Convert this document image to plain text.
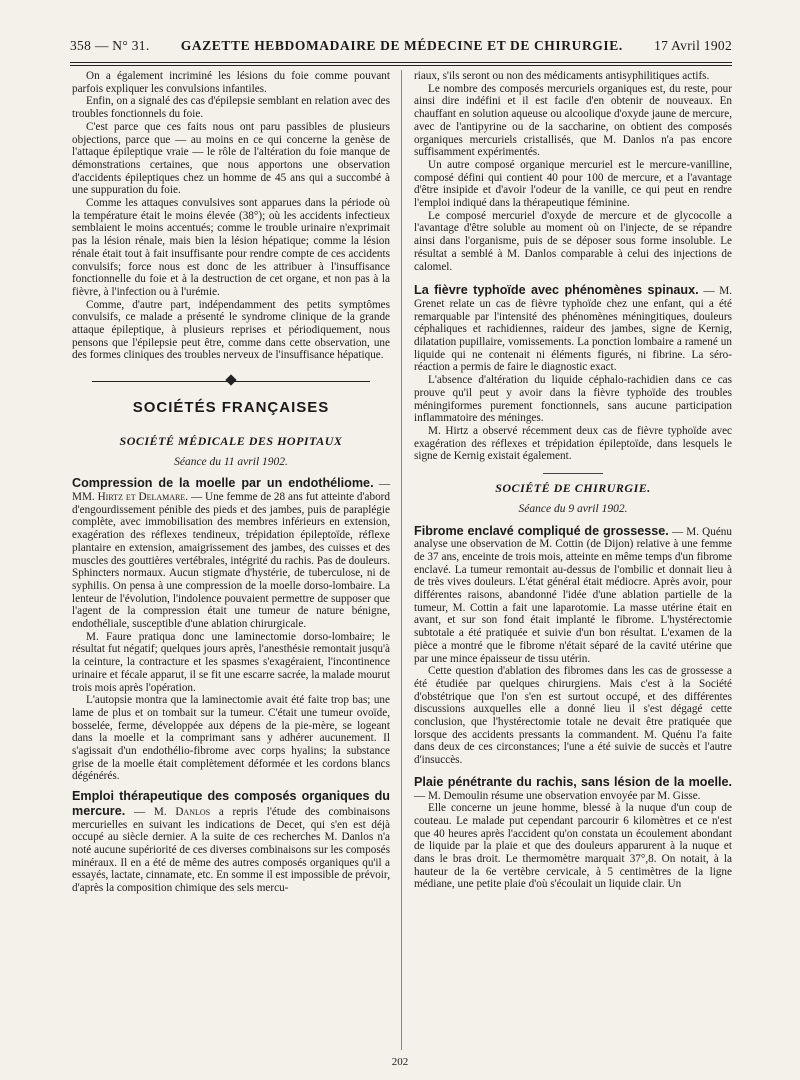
358 — N° 31. GAZETTE HEBDOMADAIRE DE MÉDECINE ET DE CHIRURGIE. 17 Avril 1902

On a également incriminé les lésions du foie comme pouvant parfois expliquer les convulsions infantiles.

Enfin, on a signalé des cas d'épilepsie semblant en relation avec des troubles fonctionnels du foie.

C'est parce que ces faits nous ont paru passibles de plusieurs objections, parce que — au moins en ce qui concerne la genèse de l'attaque épileptique vraie — le rôle de l'altération du foie manque de démonstrations certaines, que nous apportons une observation d'accidents épileptiques chez un homme de 45 ans qui a succombé à une suppuration du foie.

Comme les attaques convulsives sont apparues dans la période où la température était le moins élevée (38°); où les accidents infectieux semblaient le moins accentués; comme le trouble urinaire n'exprimait pas la lésion rénale, mais bien la lésion hépatique; comme la lésion rénale était tout à fait insuffisante pour rendre compte de ces accidents convulsifs; force nous est donc de les attribuer à l'insuffisance fonctionnelle du foie et à la destruction de cet organe, et non pas à la fièvre, à l'infection ou à l'urémie.

Comme, d'autre part, indépendamment des petits symptômes convulsifs, ce malade a présenté le syndrome clinique de la grande attaque épileptique, à plusieurs reprises et périodiquement, nous pensons que l'épilepsie peut être, comme dans cette observation, une des formes cliniques des troubles nerveux de l'insuffisance hépatique.

SOCIÉTÉS FRANÇAISES
SOCIÉTÉ MÉDICALE DES HOPITAUX
Séance du 11 avril 1902.

Compression de la moelle par un endothéliome. — MM. Hirtz et Delamare. — Une femme de 28 ans fut atteinte d'abord d'engourdissement pénible des pieds et des jambes, puis de paraplégie complète, avec immobilisation des membres inférieurs en extension, exagération des réflexes tendineux, trépidation épileptoïde, réflexe plantaire en extension, amaigrissement des jambes, des cuisses et des muscles des gouttières vertébrales, intégrité du rachis. Pas de douleurs. Sphincters normaux. Aucun stigmate d'hystérie, de tuberculose, ni de syphilis. On pensa à une compression de la moelle dorso-lombaire. La lenteur de l'évolution, l'indolence pouvaient permettre de supposer que l'agent de la compression était une tumeur de nature bénigne, endothéliale, susceptible d'une ablation chirurgicale.

M. Faure pratiqua donc une laminectomie dorso-lombaire; le résultat fut négatif; quelques jours après, l'anesthésie remontait jusqu'à la ceinture, la contracture et les spasmes s'exagéraient, l'incontinence urinaire et fécale apparut, il se fit une escarre sacrée, la malade mourut trois mois après l'opération.

L'autopsie montra que la laminectomie avait été faite trop bas; une lame de plus et on tombait sur la tumeur. C'était une tumeur ovoïde, bosselée, ferme, développée aux dépens de la pie-mère, se logeant dans la moelle et la comprimant sans y adhérer aucunement. Il s'agissait d'un endothélio-fibrome avec corps hyalins; la substance grise de la moelle était complètement déformée et les cordons blancs dégénérés.

Emploi thérapeutique des composés organiques du mercure. — M. Danlos a repris l'étude des combinaisons mercurielles en suivant les indications de Decet, qui s'en est déjà occupé au siècle dernier. A la suite de ces recherches M. Danlos n'a noté aucune supériorité de ces diverses combinaisons sur les composés minéraux. Il en a été de même des autres composés organiques qu'il a essayés, lactate, cinnamate, etc. En somme il est impossible de prévoir, d'après la composition chimique des sels mercu-

riaux, s'ils seront ou non des médicaments antisyphilitiques actifs.

Le nombre des composés mercuriels organiques est, du reste, pour ainsi dire indéfini et il est facile d'en obtenir de nouveaux. En chauffant en solution aqueuse ou alcoolique d'oxyde jaune de mercure, avec de l'antipyrine ou de la saccharine, on obtient des composés organiques mercuriels cristallisés, que M. Danlos n'a pas encore suffisamment expérimentés.

Un autre composé organique mercuriel est le mercure-vanilline, composé défini qui contient 40 pour 100 de mercure, et a l'avantage d'être insipide et d'avoir l'odeur de la vanille, ce qui peut en rendre l'emploi indiqué dans la thérapeutique féminine.

Le composé mercuriel d'oxyde de mercure et de glycocolle a l'avantage d'être soluble au moment où on l'injecte, de se répandre ainsi dans l'organisme, puis de se déposer sous forme insoluble. Le résultat a semblé à M. Danlos comparable à celui des injections de calomel.

La fièvre typhoïde avec phénomènes spinaux. — M. Grenet relate un cas de fièvre typhoïde chez une enfant, qui a été remarquable par l'intensité des phénomènes méningitiques, douleurs céphaliques et rachidiennes, raideur des jambes, signe de Kernig, dilatation pupillaire, vomissements. La ponction lombaire a ramené un liquide qui ne contenait ni éléments figurés, ni fibrine. La séro-réaction a permis de faire le diagnostic exact.

L'absence d'altération du liquide céphalo-rachidien dans ce cas prouve qu'il peut y avoir dans la fièvre typhoïde des troubles méningiformes purement fonctionnels, sans aucune participation inflammatoire des méninges.

M. Hirtz a observé récemment deux cas de fièvre typhoïde avec exagération des réflexes et trépidation épileptoïde, dans lesquels le signe de Kernig existait également.

SOCIÉTÉ DE CHIRURGIE.
Séance du 9 avril 1902.

Fibrome enclavé compliqué de grossesse. — M. Quénu analyse une observation de M. Cottin (de Dijon) relative à une femme de 37 ans, enceinte de trois mois, atteinte en même temps d'un fibrome enclavé. La tumeur remontait au-dessus de l'ombilic et donnait lieu à de très vives douleurs. L'état général était médiocre. Après avoir, pour différentes raisons, abandonné l'idée d'une ablation partielle de la tumeur, M. Cottin a fait une laparotomie. La masse utérine était en avant, et sur son fond était implanté le fibrome. L'hystérectomie subtotale a été pratiquée et suivie d'un bon résultat. L'examen de la pièce a montré que le fibrome n'était séparé de la cavité utérine que par une mince épaisseur de tissu utérin.

Cette question d'ablation des fibromes dans les cas de grossesse a été étudiée par quelques chirurgiens. Mais c'est à la Société d'obstétrique que l'on s'en est surtout occupé, et des différentes discussions auxquelles elle a donné lieu il s'est dégagé cette conclusion, que l'hystérectomie totale ne devait être pratiquée que lorsque des accidents pressants la commandent. M. Quénu l'a faite dans deux de ces circonstances; l'une a été suivie de succès et l'autre d'insuccès.

Plaie pénétrante du rachis, sans lésion de la moelle. — M. Demoulin résume une observation envoyée par M. Gisse.

Elle concerne un jeune homme, blessé à la nuque d'un coup de couteau. Le malade put cependant parcourir 6 kilomètres et ce n'est que 40 heures après l'accident qu'on constata un écoulement abondant de liquide par la plaie et que des douleurs apparurent à la nuque et dans le bras droit. Le thermomètre marquait 37°,8. On notait, à la hauteur de la 6e vertèbre cervicale, à 5 centimètres de la ligne médiane, une petite plaie d'où s'écoulait un liquide clair. Un

202
